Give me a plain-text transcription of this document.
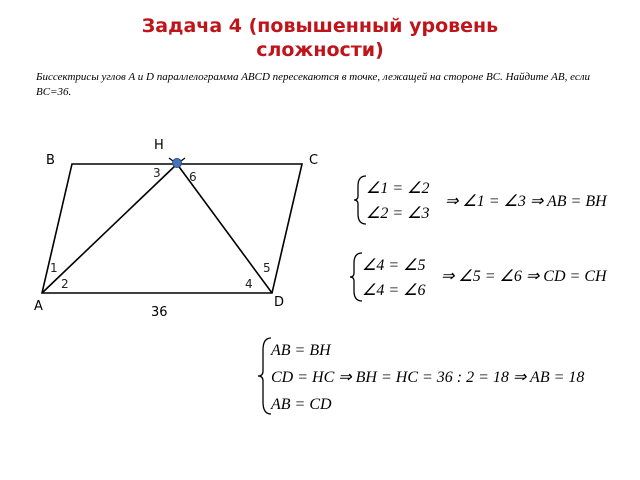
Задача 4 (повышенный уровень
сложности)
Биссектрисы углов A и D параллелограмма ABCD пересекаются в точке, лежащей на стороне BC. Найдите AB, если BC=36.
H
B	C
A	D
36
1
2
3 6
4
5
∠1 = ∠2
∠2 = ∠3
⇒ ∠1 = ∠3 ⇒ AB = BH
∠4 = ∠5
∠4 = ∠6
⇒ ∠5 = ∠6 ⇒ CD = CH
AB = BH
CD = HC ⇒ BH = HC = 36 : 2 = 18 ⇒ AB = 18
AB = CD
